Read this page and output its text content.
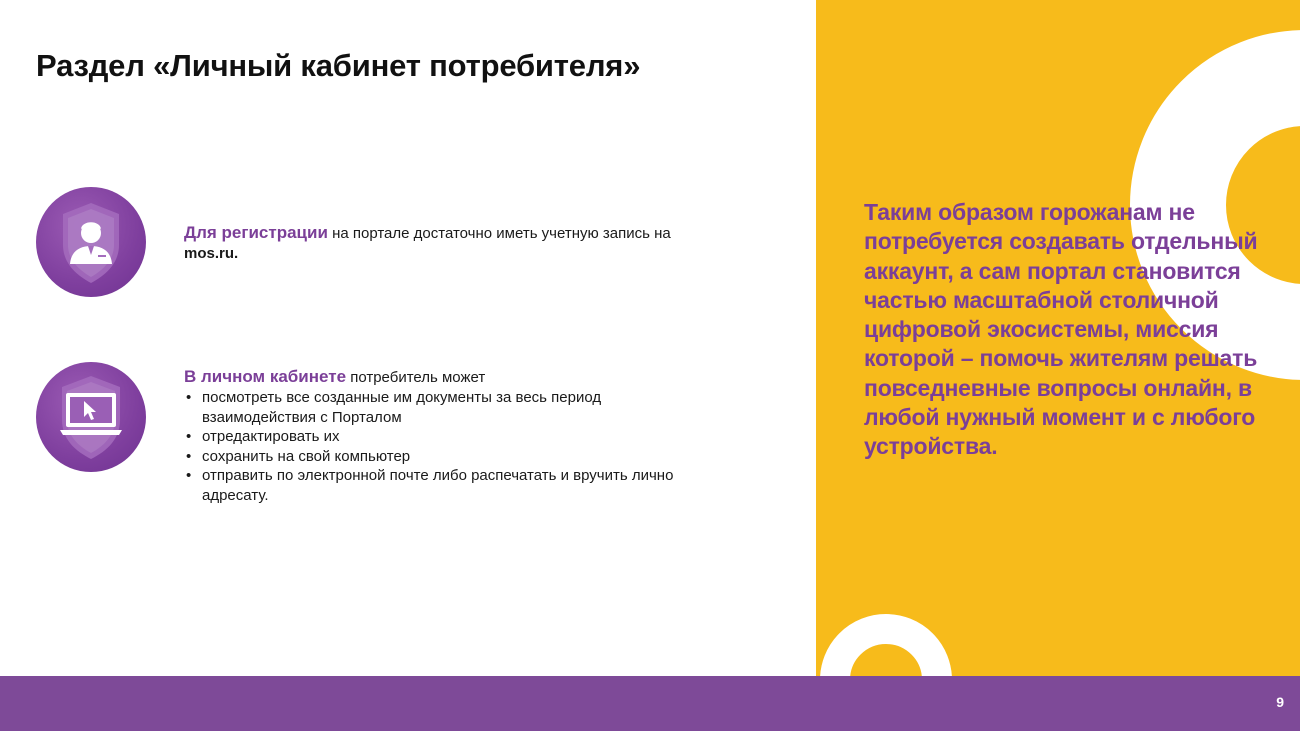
Раздел «Личный кабинет потребителя»
Для регистрации на портале достаточно иметь учетную запись на mos.ru.
В личном кабинете потребитель может
• посмотреть все созданные им документы за весь период взаимодействия с Порталом
• отредактировать их
• сохранить на свой компьютер
• отправить по электронной почте либо распечатать и вручить лично адресату.
Таким образом горожанам не потребуется создавать отдельный аккаунт, а сам портал становится частью масштабной столичной цифровой экосистемы, миссия которой – помочь жителям решать повседневные вопросы онлайн, в любой нужный момент и с любого устройства.
9
